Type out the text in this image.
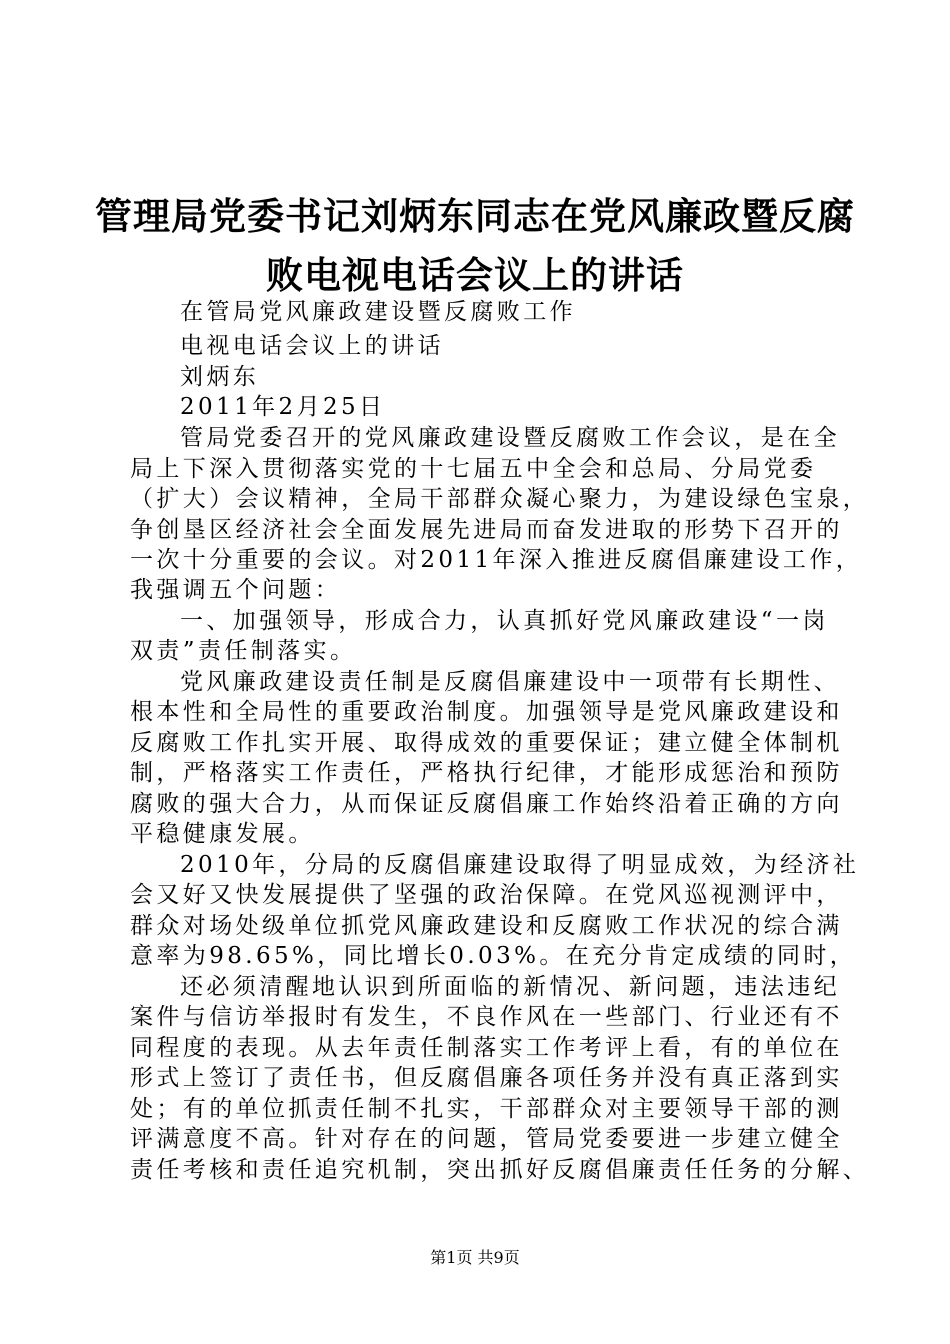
管理局党委书记刘炳东同志在党风廉政暨反腐
败电视电话会议上的讲话
在管局党风廉政建设暨反腐败工作
电视电话会议上的讲话
刘炳东
2011年2月25日
管局党委召开的党风廉政建设暨反腐败工作会议，是在全
局上下深入贯彻落实党的十七届五中全会和总局、分局党委
（扩大）会议精神，全局干部群众凝心聚力，为建设绿色宝泉，
争创垦区经济社会全面发展先进局而奋发进取的形势下召开的
一次十分重要的会议。对2011年深入推进反腐倡廉建设工作，
我强调五个问题：
一、加强领导，形成合力，认真抓好党风廉政建设“一岗
双责”责任制落实。
党风廉政建设责任制是反腐倡廉建设中一项带有长期性、
根本性和全局性的重要政治制度。加强领导是党风廉政建设和
反腐败工作扎实开展、取得成效的重要保证；建立健全体制机
制，严格落实工作责任，严格执行纪律，才能形成惩治和预防
腐败的强大合力，从而保证反腐倡廉工作始终沿着正确的方向
平稳健康发展。
2010年，分局的反腐倡廉建设取得了明显成效，为经济社
会又好又快发展提供了坚强的政治保障。在党风巡视测评中，
群众对场处级单位抓党风廉政建设和反腐败工作状况的综合满
意率为98.65%，同比增长0.03%。在充分肯定成绩的同时，
还必须清醒地认识到所面临的新情况、新问题，违法违纪
案件与信访举报时有发生，不良作风在一些部门、行业还有不
同程度的表现。从去年责任制落实工作考评上看，有的单位在
形式上签订了责任书，但反腐倡廉各项任务并没有真正落到实
处；有的单位抓责任制不扎实，干部群众对主要领导干部的测
评满意度不高。针对存在的问题，管局党委要进一步建立健全
责任考核和责任追究机制，突出抓好反腐倡廉责任任务的分解、
第1页 共9页
